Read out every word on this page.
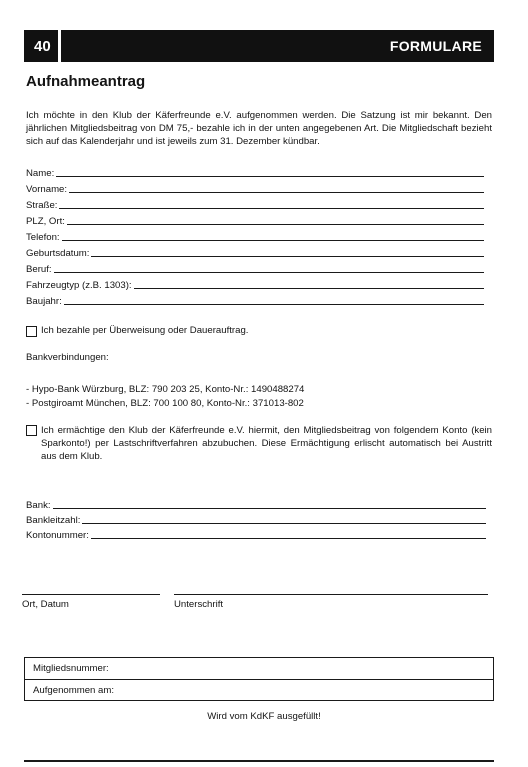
40	FORMULARE
Aufnahmeantrag

Ich möchte in den Klub der Käferfreunde e.V. aufgenommen werden. Die Satzung ist mir bekannt. Den jährlichen Mitgliedsbeitrag von DM 75,- bezahle ich in der unten angegebenen Art. Die Mitgliedschaft bezieht sich auf das Kalenderjahr und ist jeweils zum 31. Dezember kündbar.

Name:
Vorname:
Straße:
PLZ, Ort:
Telefon:
Geburtsdatum:
Beruf:
Fahrzeugtyp (z.B. 1303):
Baujahr:
Ich bezahle per Überweisung oder Dauerauftrag.

Bankverbindungen:

- Hypo-Bank Würzburg, BLZ: 790 203 25, Konto-Nr.: 1490488274

- Postgiroamt München, BLZ: 700 100 80, Konto-Nr.: 371013-802

Ich ermächtige den Klub der Käferfreunde e.V. hiermit, den Mitgliedsbeitrag von folgendem Konto (kein Sparkonto!) per Lastschriftverfahren abzubuchen. Diese Ermächtigung erlischt automatisch bei Austritt aus dem Klub.
Bank:
Bankleitzahl:
Kontonummer:
Ort, Datum	Unterschrift
Mitgliedsnummer:
Aufgenommen am:
Wird vom KdKF ausgefüllt!
